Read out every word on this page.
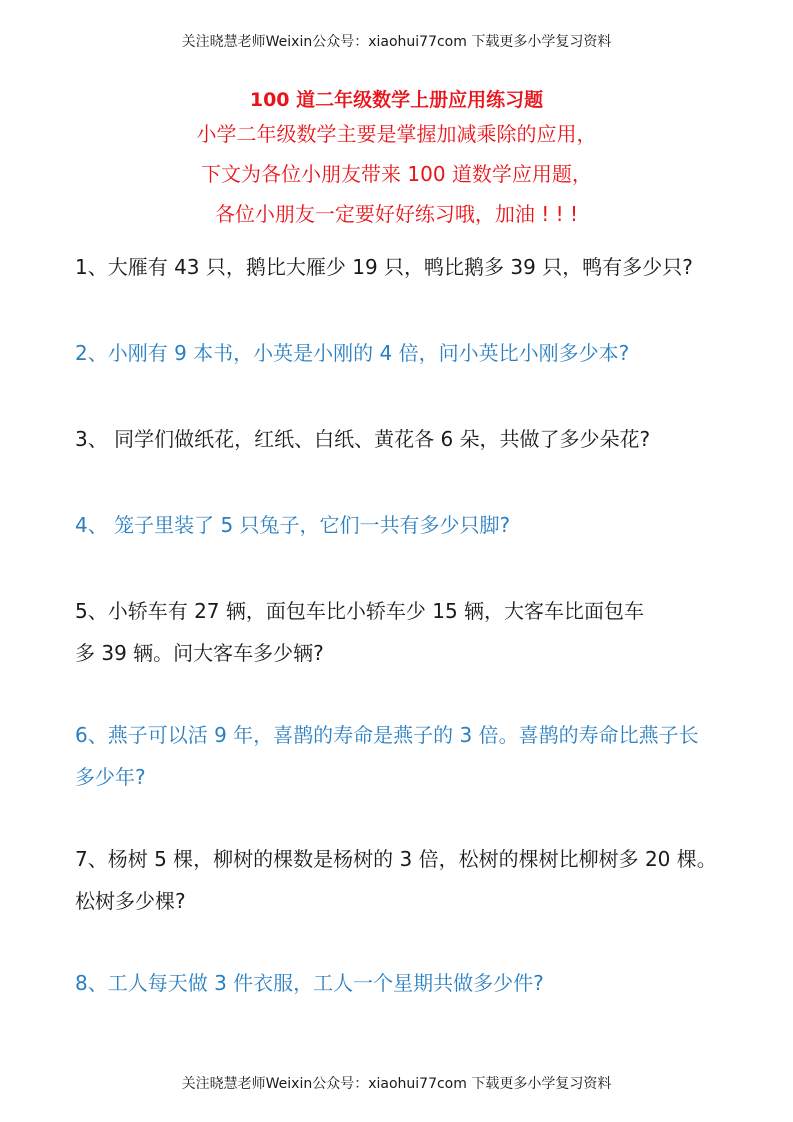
关注晓慧老师Weixin公众号：xiaohui77com 下载更多小学复习资料
100 道二年级数学上册应用练习题
小学二年级数学主要是掌握加减乘除的应用，
下文为各位小朋友带来 100 道数学应用题，
各位小朋友一定要好好练习哦，加油 ! ! !
1、大雁有 43 只，鹅比大雁少 19 只，鸭比鹅多 39 只，鸭有多少只?
2、小刚有 9 本书，小英是小刚的 4 倍，问小英比小刚多少本?
3、 同学们做纸花，红纸、白纸、黄花各 6 朵，共做了多少朵花?
4、 笼子里装了 5 只兔子，它们一共有多少只脚?
5、小轿车有 27 辆，面包车比小轿车少 15 辆，大客车比面包车
多 39 辆。问大客车多少辆?
6、燕子可以活 9 年，喜鹊的寿命是燕子的 3 倍。喜鹊的寿命比燕子长
多少年?
7、杨树 5 棵，柳树的棵数是杨树的 3 倍，松树的棵树比柳树多 20 棵。
松树多少棵?
8、工人每天做 3 件衣服，工人一个星期共做多少件?
关注晓慧老师Weixin公众号：xiaohui77com 下载更多小学复习资料
